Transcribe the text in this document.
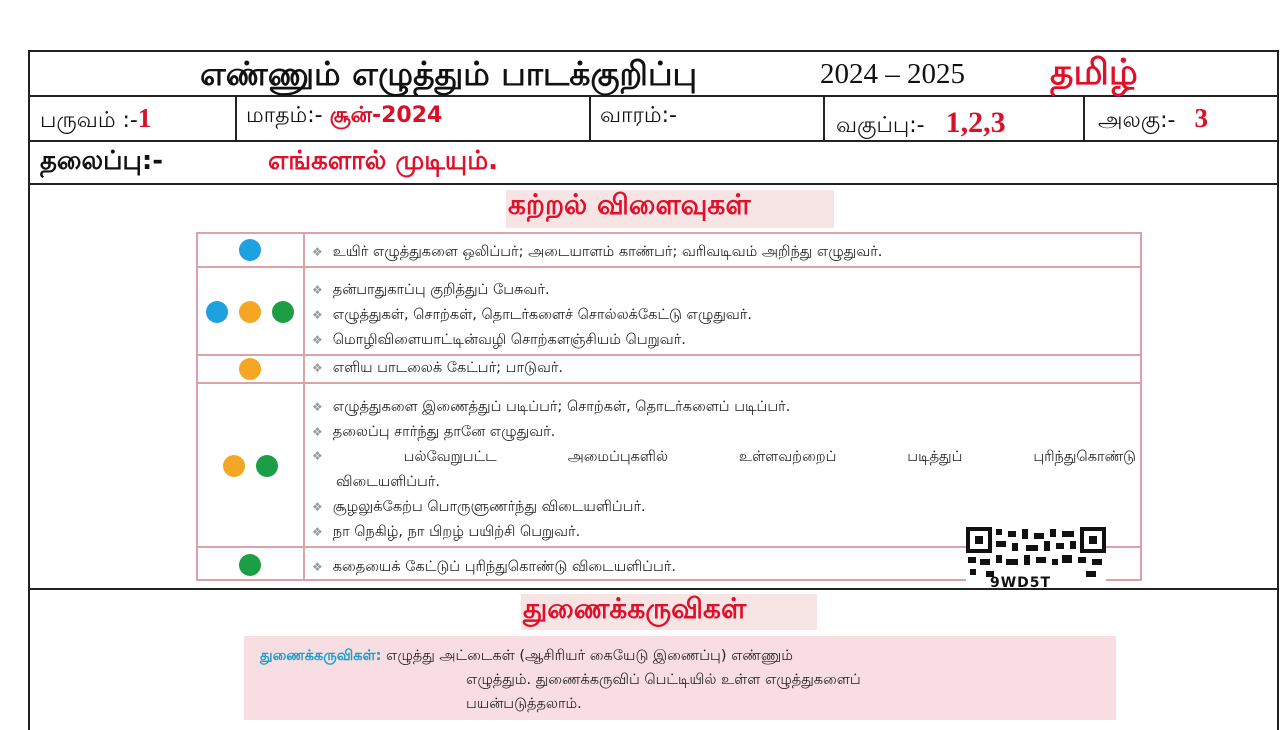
எண்ணும் எழுத்தும் பாடக்குறிப்பு	2024 – 2025 தமிழ்
பருவம் :-1	மாதம்:- சூன்-2024	வாரம்:-	வகுப்பு:- 1,2,3	அலகு:- 3
தலைப்பு:-	எங்களால் முடியும்.
கற்றல் விளைவுகள்
❖ உயிர் எழுத்துகளை ஒலிப்பர்; அடையாளம் காண்பர்; வரிவடிவம் அறிந்து எழுதுவர்.
❖ தன்பாதுகாப்பு குறித்துப் பேசுவர்.
❖ எழுத்துகள், சொற்கள், தொடர்களைச் சொல்லக்கேட்டு எழுதுவர்.
❖ மொழிவிளையாட்டின்வழி சொற்களஞ்சியம் பெறுவர்.
❖ எளிய பாடலைக் கேட்பர்; பாடுவர்.
❖ எழுத்துகளை இணைத்துப் படிப்பர்; சொற்கள், தொடர்களைப் படிப்பர்.
❖ தலைப்பு சார்ந்து தானே எழுதுவர்.
❖	பல்வேறுபட்ட	அமைப்புகளில்	உள்ளவற்றைப்	படித்துப்	புரிந்துகொண்டு
விடையளிப்பர்.
❖ சூழலுக்கேற்ப பொருளுணர்ந்து விடையளிப்பர்.
❖ நா நெகிழ், நா பிறழ் பயிற்சி பெறுவர்.
❖ கதையைக் கேட்டுப் புரிந்துகொண்டு விடையளிப்பர்.
9WD5T
துணைக்கருவிகள்
துணைக்கருவிகள்: எழுத்து அட்டைகள் (ஆசிரியர் கையேடு இணைப்பு) எண்ணும்
எழுத்தும். துணைக்கருவிப் பெட்டியில் உள்ள எழுத்துகளைப்
பயன்படுத்தலாம்.
